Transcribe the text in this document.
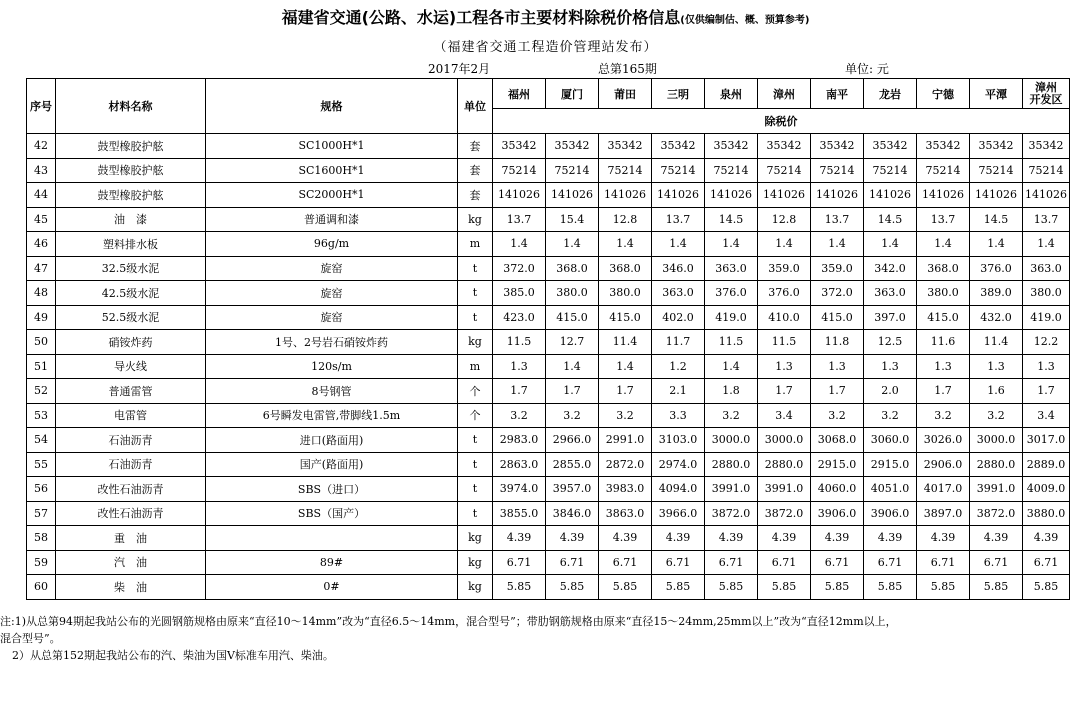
福建省交通(公路、水运)工程各市主要材料除税价格信息(仅供编制估、概、预算参考)
（福建省交通工程造价管理站发布）
2017年2月	总第165期	单位: 元
序号	材料名称	规格	单位	福州	厦门	莆田	三明	泉州	漳州	南平	龙岩	宁德	平潭	漳州
开发区
				除税价										
42	鼓型橡胶护舷	SC1000H*1	套	35342	35342	35342	35342	35342	35342	35342	35342	35342	35342	35342
43	鼓型橡胶护舷	SC1600H*1	套	75214	75214	75214	75214	75214	75214	75214	75214	75214	75214	75214
44	鼓型橡胶护舷	SC2000H*1	套	141026	141026	141026	141026	141026	141026	141026	141026	141026	141026	141026
45	油　漆	普通调和漆	kg	13.7	15.4	12.8	13.7	14.5	12.8	13.7	14.5	13.7	14.5	13.7
46	塑料排水板	96g/m	m	1.4	1.4	1.4	1.4	1.4	1.4	1.4	1.4	1.4	1.4	1.4
47	32.5级水泥	旋窑	t	372.0	368.0	368.0	346.0	363.0	359.0	359.0	342.0	368.0	376.0	363.0
48	42.5级水泥	旋窑	t	385.0	380.0	380.0	363.0	376.0	376.0	372.0	363.0	380.0	389.0	380.0
49	52.5级水泥	旋窑	t	423.0	415.0	415.0	402.0	419.0	410.0	415.0	397.0	415.0	432.0	419.0
50	硝铵炸药	1号、2号岩石硝铵炸药	kg	11.5	12.7	11.4	11.7	11.5	11.5	11.8	12.5	11.6	11.4	12.2
51	导火线	120s/m	m	1.3	1.4	1.4	1.2	1.4	1.3	1.3	1.3	1.3	1.3	1.3
52	普通雷管	8号钢管	个	1.7	1.7	1.7	2.1	1.8	1.7	1.7	2.0	1.7	1.6	1.7
53	电雷管	6号瞬发电雷管,带脚线1.5m	个	3.2	3.2	3.2	3.3	3.2	3.4	3.2	3.2	3.2	3.2	3.4
54	石油沥青	进口(路面用)	t	2983.0	2966.0	2991.0	3103.0	3000.0	3000.0	3068.0	3060.0	3026.0	3000.0	3017.0
55	石油沥青	国产(路面用)	t	2863.0	2855.0	2872.0	2974.0	2880.0	2880.0	2915.0	2915.0	2906.0	2880.0	2889.0
56	改性石油沥青	SBS（进口）	t	3974.0	3957.0	3983.0	4094.0	3991.0	3991.0	4060.0	4051.0	4017.0	3991.0	4009.0
57	改性石油沥青	SBS（国产）	t	3855.0	3846.0	3863.0	3966.0	3872.0	3872.0	3906.0	3906.0	3897.0	3872.0	3880.0
58	重　油		kg	4.39	4.39	4.39	4.39	4.39	4.39	4.39	4.39	4.39	4.39	4.39
59	汽　油	89#	kg	6.71	6.71	6.71	6.71	6.71	6.71	6.71	6.71	6.71	6.71	6.71
60	柴　油	0#	kg	5.85	5.85	5.85	5.85	5.85	5.85	5.85	5.85	5.85	5.85	5.85
注:1)从总第94期起我站公布的光圆钢筋规格由原来“直径10～14mm”改为“直径6.5～14mm，混合型号”；带肋钢筋规格由原来“直径15～24mm,25mm以上”改为“直径12mm以上，
混合型号”。
2）从总第152期起我站公布的汽、柴油为国Ⅴ标准车用汽、柴油。
